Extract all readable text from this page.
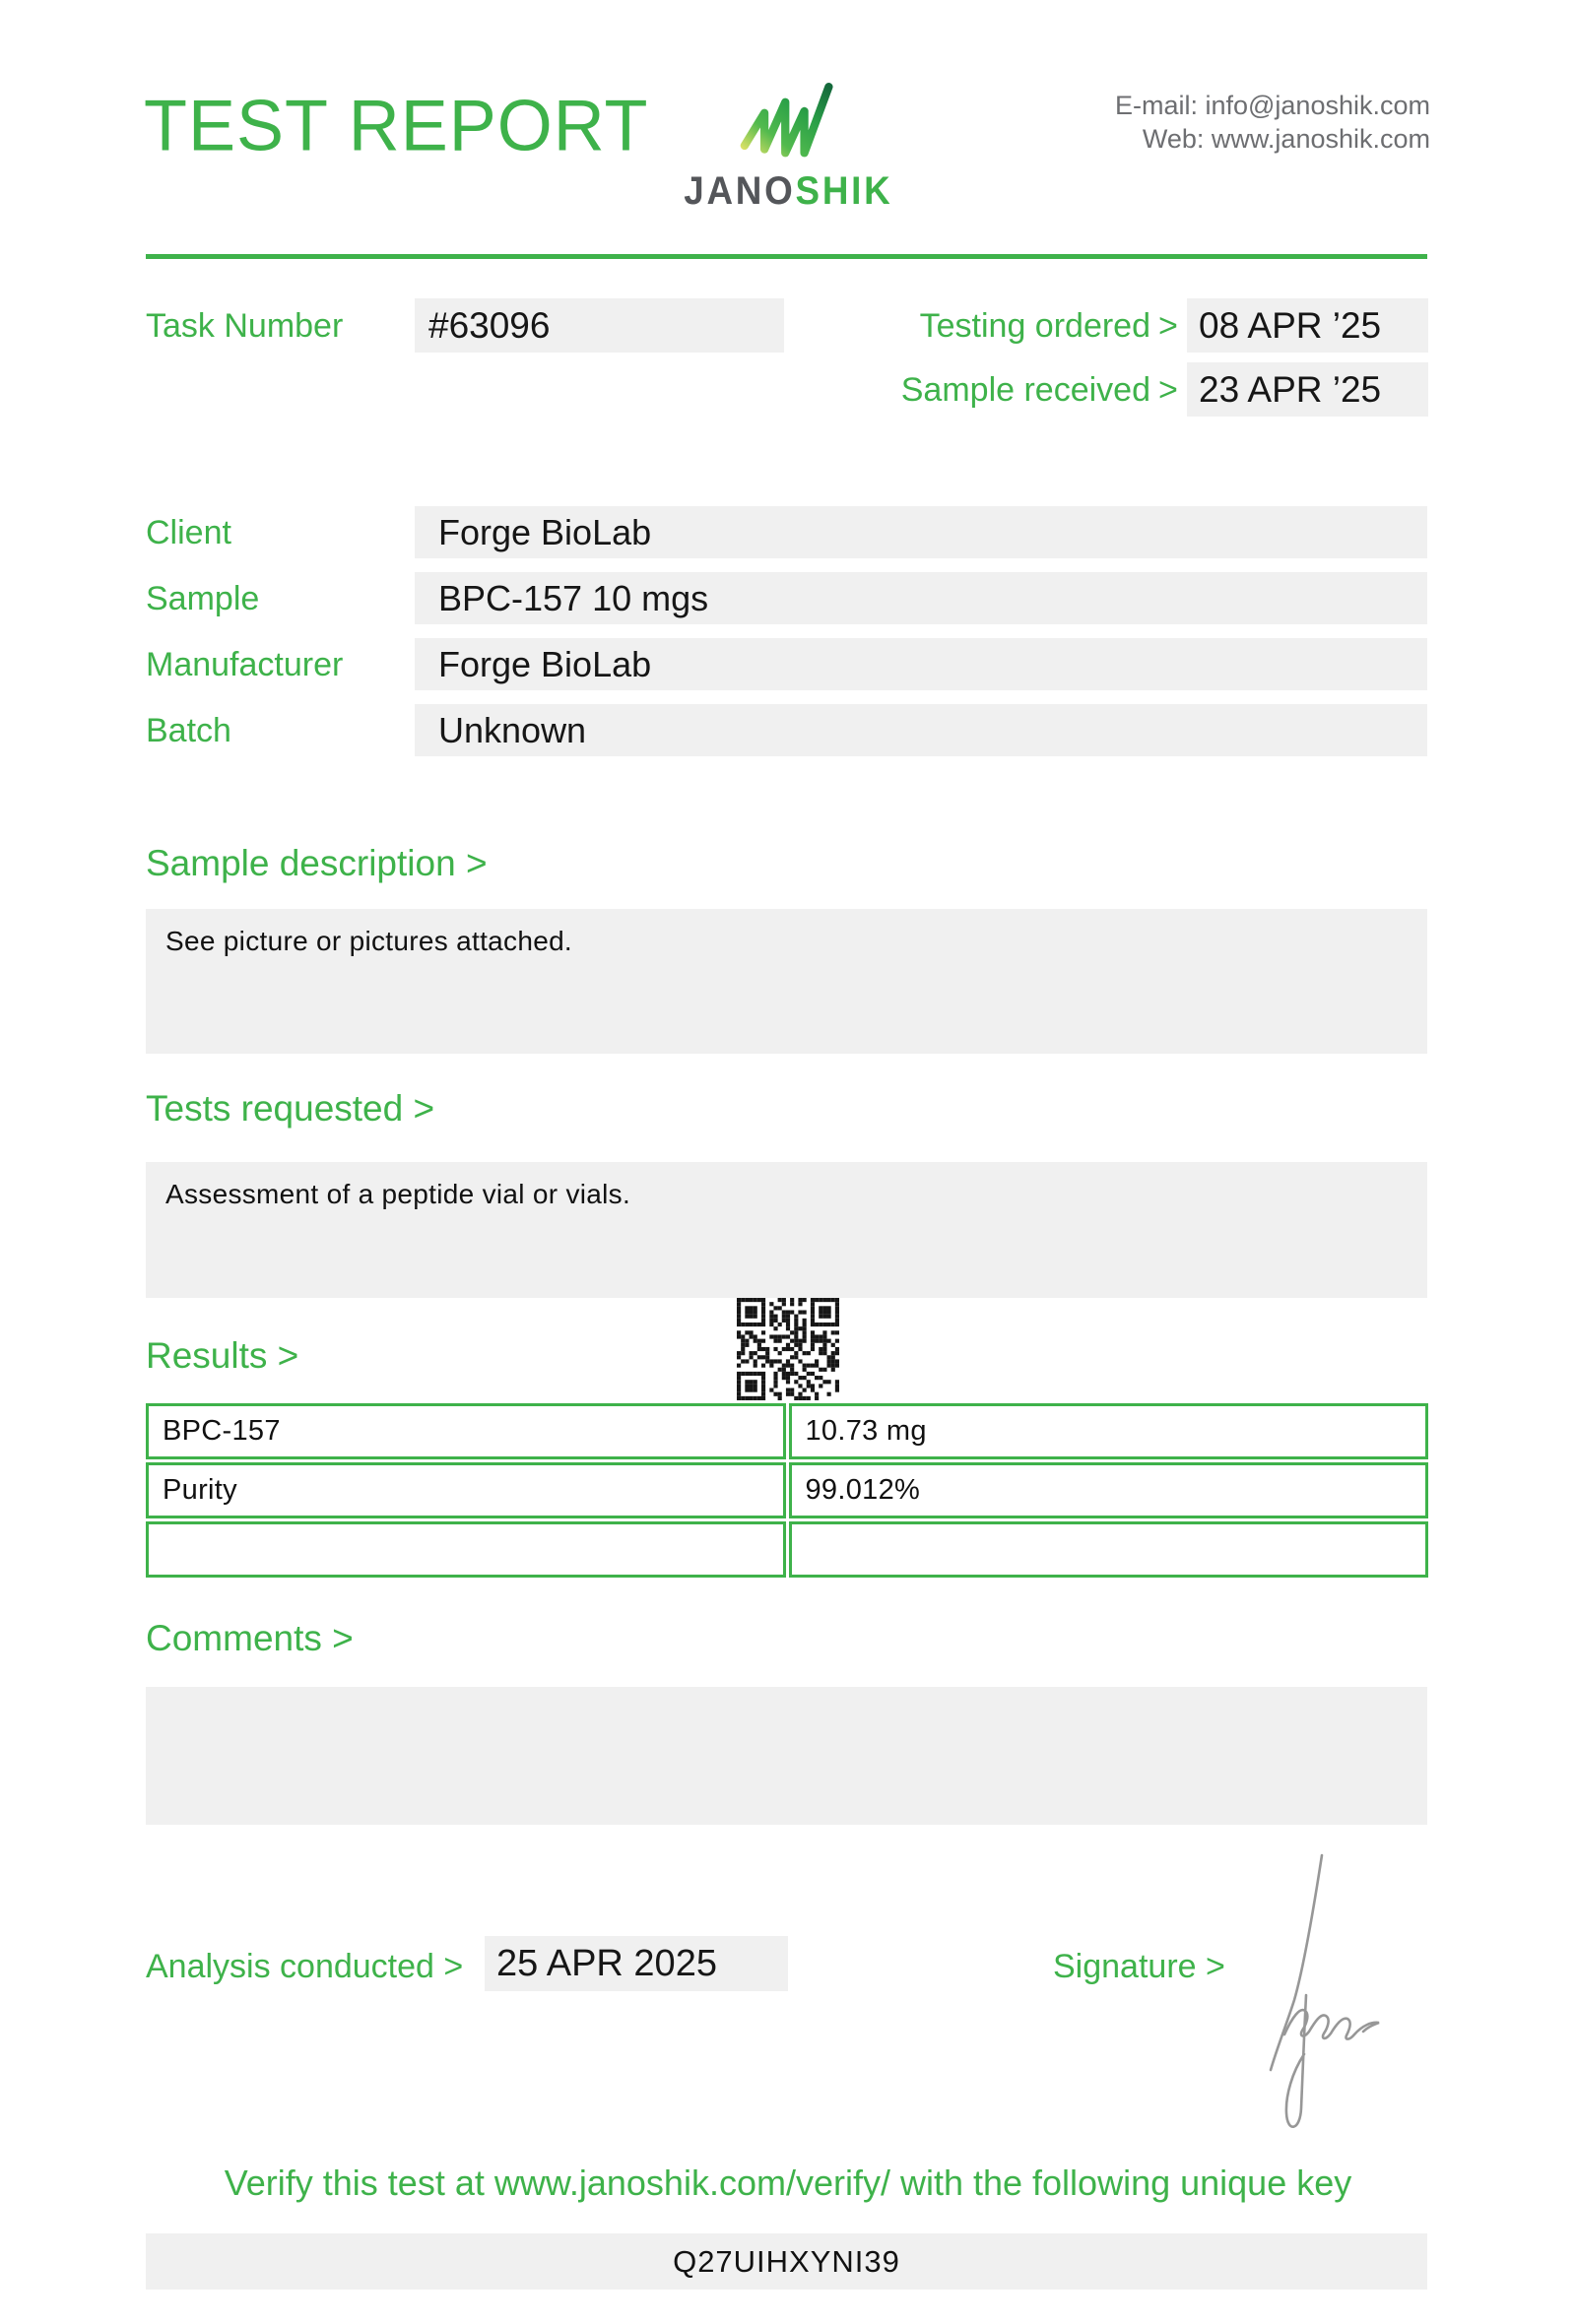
TEST REPORT
JANOSHIK
E-mail: info@janoshik.com
Web: www.janoshik.com
Task Number	#63096	Testing ordered > 08 APR ’25
Sample received > 23 APR ’25
Client	Forge BioLab
Sample	BPC-157 10 mgs
Manufacturer	Forge BioLab
Batch	Unknown
Sample description >
See picture or pictures attached.
Tests requested >
Assessment of a peptide vial or vials.
Results >
BPC-157	10.73 mg
Purity	99.012%
Comments >
Analysis conducted > 25 APR 2025	Signature >
Verify this test at www.janoshik.com/verify/ with the following unique key
Q27UIHXYNI39
